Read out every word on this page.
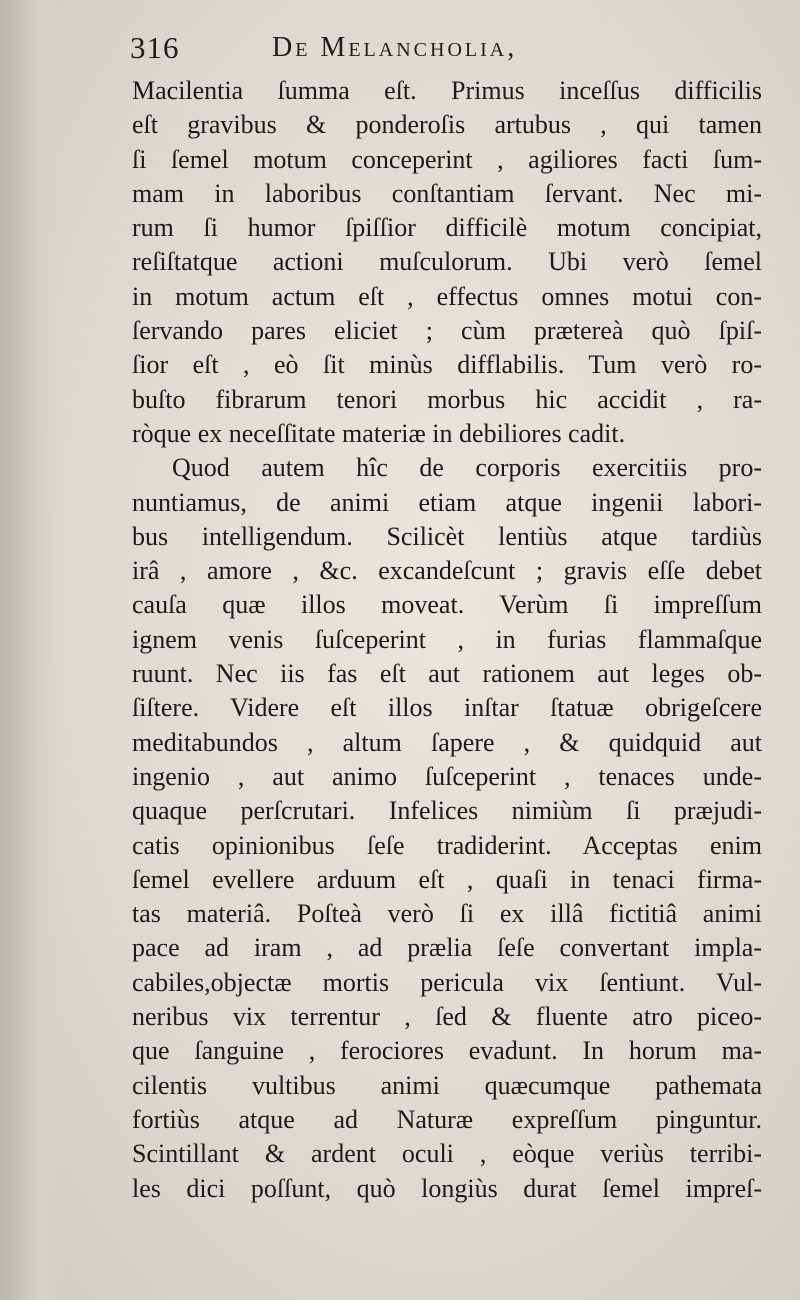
316	De Melancholia,
Macilentia ſumma eſt. Primus inceſſus difficilis
eſt gravibus & ponderoſis artubus , qui tamen
ſi ſemel motum conceperint , agiliores facti ſum-
mam in laboribus conſtantiam ſervant. Nec mi-
rum ſi humor ſpiſſior difficilè motum concipiat,
reſiſtatque actioni muſculorum. Ubi verò ſemel
in motum actum eſt , effectus omnes motui con-
ſervando pares eliciet ; cùm prætereà quò ſpiſ-
ſior eſt , eò ſit minùs difflabilis. Tum verò ro-
buſto fibrarum tenori morbus hic accidit , ra-
ròque ex neceſſitate materiæ in debiliores cadit.
Quod autem hîc de corporis exercitiis pro-
nuntiamus, de animi etiam atque ingenii labori-
bus intelligendum. Scilicèt lentiùs atque tardiùs
irâ , amore , &c. excandeſcunt ; gravis eſſe debet
cauſa quæ illos moveat. Verùm ſi impreſſum
ignem venis ſuſceperint , in furias flammaſque
ruunt. Nec iis fas eſt aut rationem aut leges ob-
ſiſtere. Videre eſt illos inſtar ſtatuæ obrigeſcere
meditabundos , altum ſapere , & quidquid aut
ingenio , aut animo ſuſceperint , tenaces unde-
quaque perſcrutari. Infelices nimiùm ſi præjudi-
catis opinionibus ſeſe tradiderint. Acceptas enim
ſemel evellere arduum eſt , quaſi in tenaci firma-
tas materiâ. Poſteà verò ſi ex illâ fictitiâ animi
pace ad iram , ad prælia ſeſe convertant impla-
cabiles,objectæ mortis pericula vix ſentiunt. Vul-
neribus vix terrentur , ſed & fluente atro piceo-
que ſanguine , ferociores evadunt. In horum ma-
cilentis vultibus animi quæcumque pathemata
fortiùs atque ad Naturæ expreſſum pinguntur.
Scintillant & ardent oculi , eòque veriùs terribi-
les dici poſſunt, quò longiùs durat ſemel impreſ-
